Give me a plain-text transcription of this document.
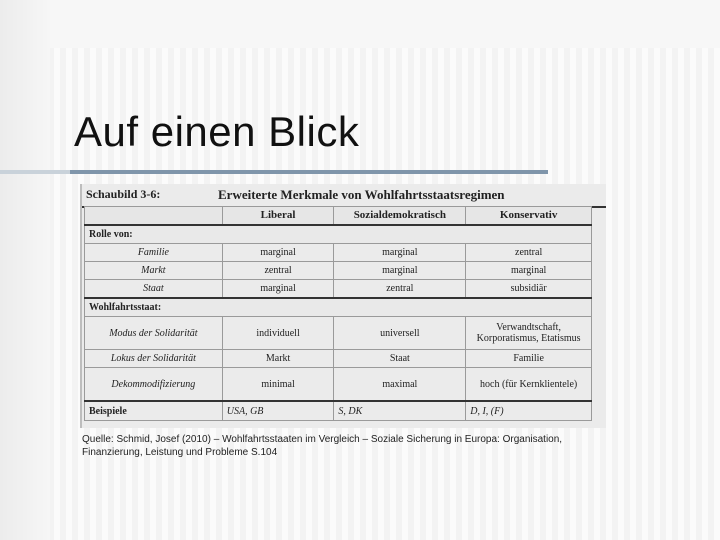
Auf einen Blick
Schaubild 3-6:	Erweiterte Merkmale von Wohlfahrtsstaatsregimen
	Liberal	Sozialdemokratisch	Konservativ
Rolle von:			
Familie	marginal	marginal	zentral
Markt	zentral	marginal	marginal
Staat	marginal	zentral	subsidiär
Wohlfahrtsstaat:			
Modus der Solidarität	individuell	universell	Verwandtschaft, Korporatismus, Etatismus
Lokus der Solidarität	Markt	Staat	Familie
Dekommodifizierung	minimal	maximal	hoch (für Kernklientele)
Beispiele	USA, GB	S, DK	D, I, (F)
Quelle: Schmid, Josef (2010) – Wohlfahrtsstaaten im Vergleich – Soziale Sicherung in Europa: Organisation,
Finanzierung, Leistung und Probleme S.104
